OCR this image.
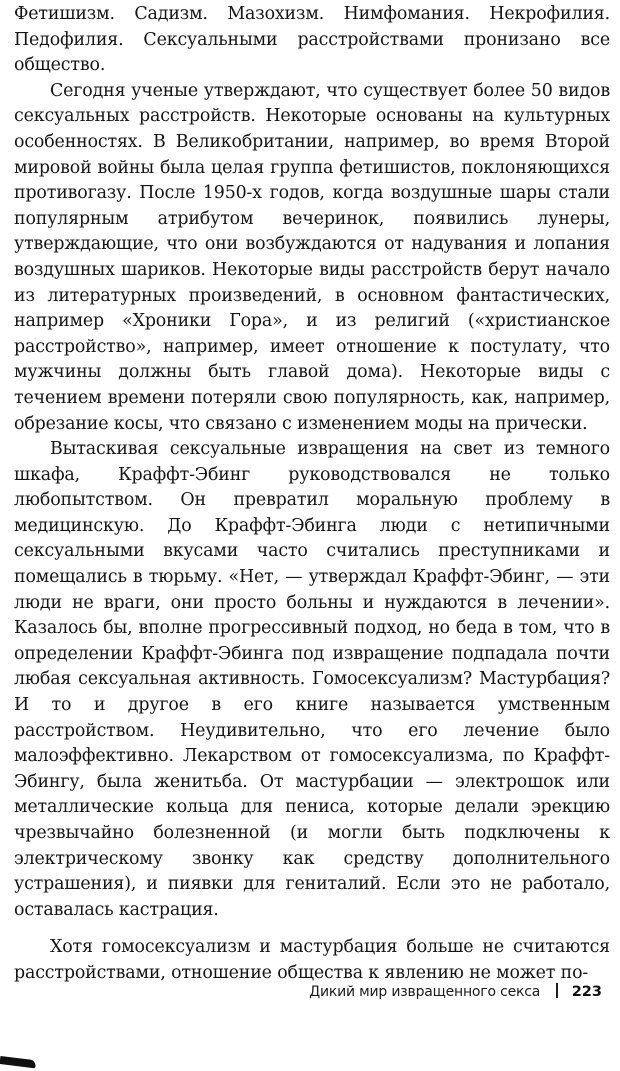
Фетишизм. Садизм. Мазохизм. Нимфомания. Некрофилия. Педофилия. Сексуальными расстройствами пронизано все общество.

Сегодня ученые утверждают, что существует более 50 видов сексуальных расстройств. Некоторые основаны на культурных особенностях. В Великобритании, например, во время Второй мировой войны была целая группа фетишистов, поклоняющихся противогазу. После 1950-х годов, когда воздушные шары стали популярным атрибутом вечеринок, появились лунеры, утверждающие, что они возбуждаются от надувания и лопания воздушных шариков. Некоторые виды расстройств берут начало из литературных произведений, в основном фантастических, например «Хроники Гора», и из религий («христианское расстройство», например, имеет отношение к постулату, что мужчины должны быть главой дома). Некоторые виды с течением времени потеряли свою популярность, как, например, обрезание косы, что связано с изменением моды на прически.

Вытаскивая сексуальные извращения на свет из темного шкафа, Краффт-Эбинг руководствовался не только любопытством. Он превратил моральную проблему в медицинскую. До Краффт-Эбинга люди с нетипичными сексуальными вкусами часто считались преступниками и помещались в тюрьму. «Нет, — утверждал Краффт-Эбинг, — эти люди не враги, они просто больны и нуждаются в лечении». Казалось бы, вполне прогрессивный подход, но беда в том, что в определении Краффт-Эбинга под извращение подпадала почти любая сексуальная активность. Гомосексуализм? Мастурбация? И то и другое в его книге называется умственным расстройством. Неудивительно, что его лечение было малоэффективно. Лекарством от гомосексуализма, по Краффт-Эбингу, была женитьба. От мастурбации — электрошок или металлические кольца для пениса, которые делали эрекцию чрезвычайно болезненной (и могли быть подключены к электрическому звонку как средству дополнительного устрашения), и пиявки для гениталий. Если это не работало, оставалась кастрация.

Хотя гомосексуализм и мастурбация больше не считаются расстройствами, отношение общества к явлению не может по-

Дикий мир извращенного секса 223
